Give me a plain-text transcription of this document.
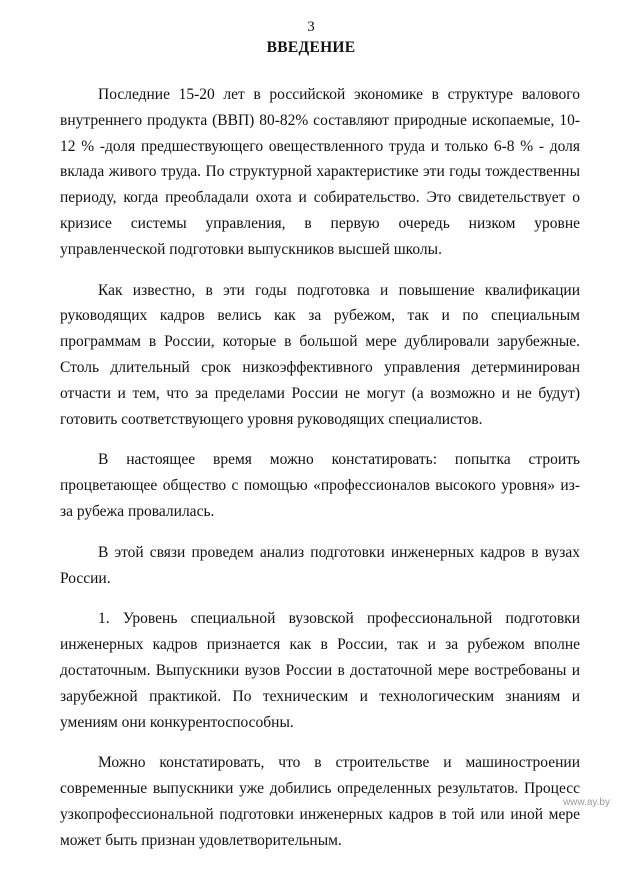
3
ВВЕДЕНИЕ

Последние 15-20 лет в российской экономике в структуре валового внутреннего продукта (ВВП) 80-82% составляют природные ископаемые, 10-12 % -доля предшествующего овеществленного труда и только 6-8 % - доля вклада живого труда. По структурной характеристике эти годы тождественны периоду, когда преобладали охота и собирательство. Это свидетельствует о кризисе системы управления, в первую очередь низком уровне управленческой подготовки выпускников высшей школы.

Как известно, в эти годы подготовка и повышение квалификации руководящих кадров велись как за рубежом, так и по специальным программам в России, которые в большой мере дублировали зарубежные. Столь длительный срок низкоэффективного управления детерминирован отчасти и тем, что за пределами России не могут (а возможно и не будут) готовить соответствующего уровня руководящих специалистов.

В настоящее время можно констатировать: попытка строить процветающее общество с помощью «профессионалов высокого уровня» из-за рубежа провалилась.

В этой связи проведем анализ подготовки инженерных кадров в вузах России.

1. Уровень специальной вузовской профессиональной подготовки инженерных кадров признается как в России, так и за рубежом вполне достаточным. Выпускники вузов России в достаточной мере востребованы и зарубежной практикой. По техническим и технологическим знаниям и умениям они конкурентоспособны.

Можно констатировать, что в строительстве и машиностроении современные выпускники уже добились определенных результатов. Процесс узкопрофессиональной подготовки инженерных кадров в той или иной мере может быть признан удовлетворительным.

www.ay.by
